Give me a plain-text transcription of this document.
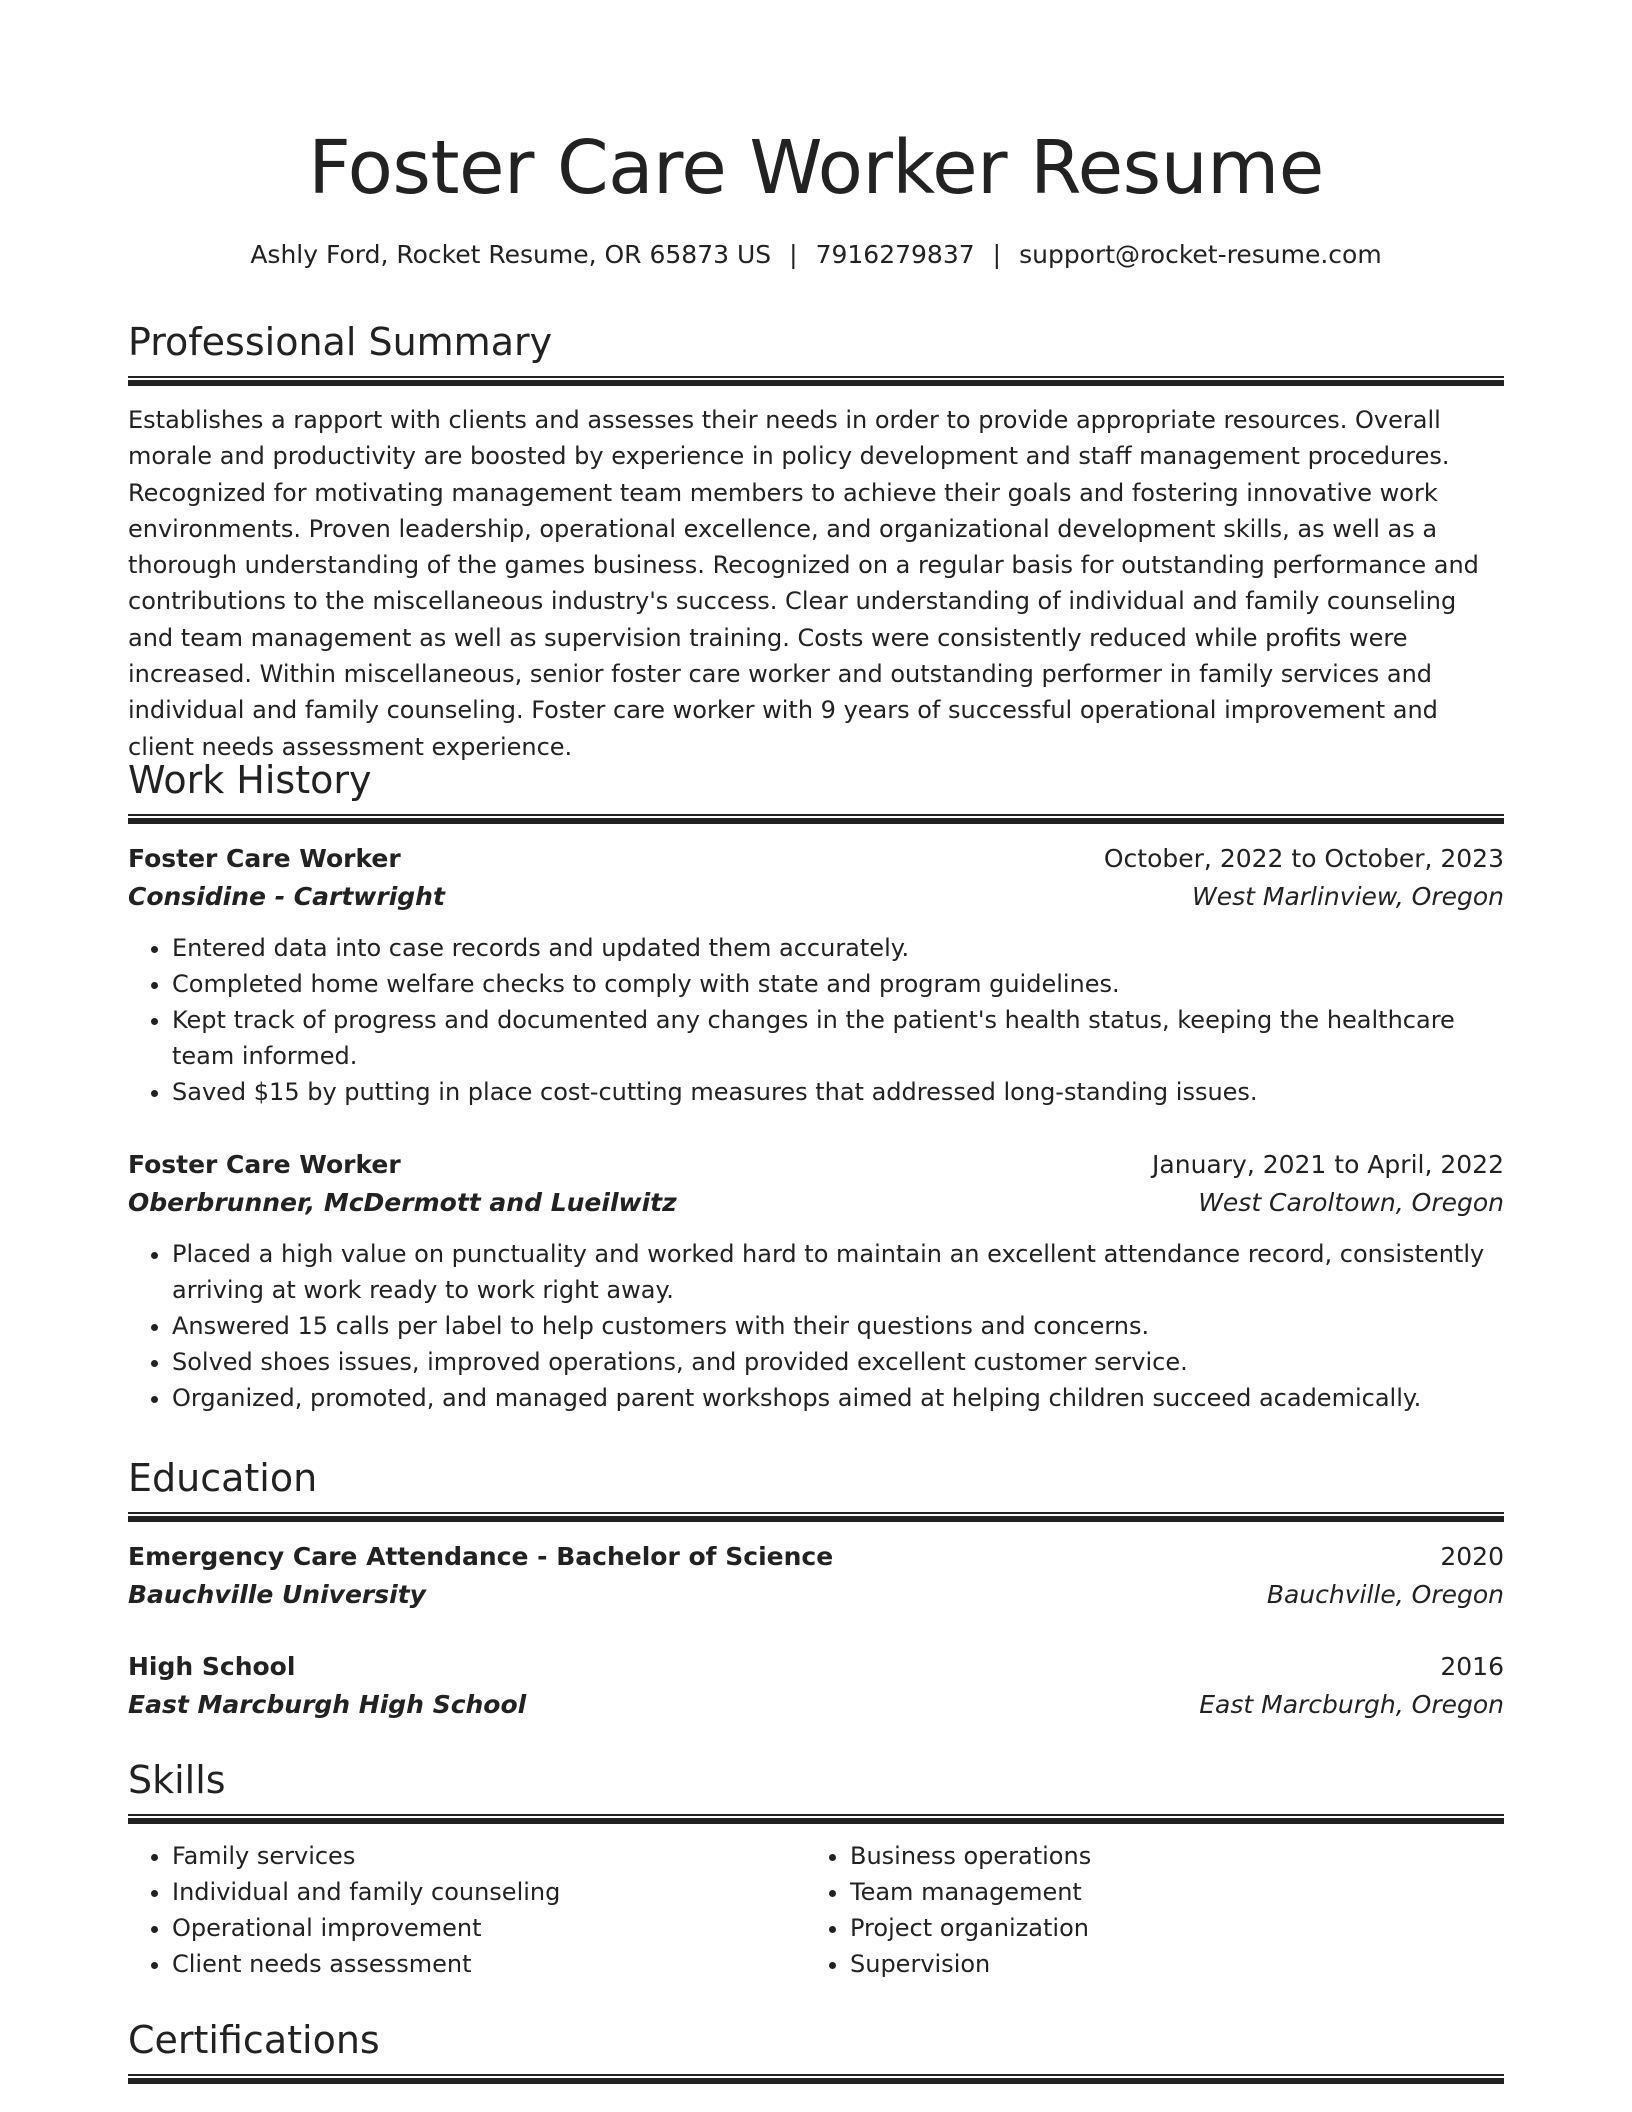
Foster Care Worker Resume
Ashly Ford, Rocket Resume, OR 65873 US | 7916279837 | support@rocket-resume.com
Professional Summary

Establishes a rapport with clients and assesses their needs in order to provide appropriate resources. Overall morale and productivity are boosted by experience in policy development and staff management procedures. Recognized for motivating management team members to achieve their goals and fostering innovative work environments. Proven leadership, operational excellence, and organizational development skills, as well as a thorough understanding of the games business. Recognized on a regular basis for outstanding performance and contributions to the miscellaneous industry's success. Clear understanding of individual and family counseling and team management as well as supervision training. Costs were consistently reduced while profits were increased. Within miscellaneous, senior foster care worker and outstanding performer in family services and individual and family counseling. Foster care worker with 9 years of successful operational improvement and client needs assessment experience.

Work History
Foster Care Worker	October, 2022 to October, 2023
Considine - Cartwright	West Marlinview, Oregon
• Entered data into case records and updated them accurately.
• Completed home welfare checks to comply with state and program guidelines.
• Kept track of progress and documented any changes in the patient's health status, keeping the healthcare team informed.
• Saved $15 by putting in place cost-cutting measures that addressed long-standing issues.
Foster Care Worker	January, 2021 to April, 2022
Oberbrunner, McDermott and Lueilwitz	West Caroltown, Oregon
• Placed a high value on punctuality and worked hard to maintain an excellent attendance record, consistently arriving at work ready to work right away.
• Answered 15 calls per label to help customers with their questions and concerns.
• Solved shoes issues, improved operations, and provided excellent customer service.
• Organized, promoted, and managed parent workshops aimed at helping children succeed academically.
Education
Emergency Care Attendance - Bachelor of Science	2020
Bauchville University	Bauchville, Oregon
High School	2016
East Marcburgh High School	East Marcburgh, Oregon
Skills
• Family services
• Individual and family counseling
• Operational improvement
• Client needs assessment
• Business operations
• Team management
• Project organization
• Supervision
Certifications
